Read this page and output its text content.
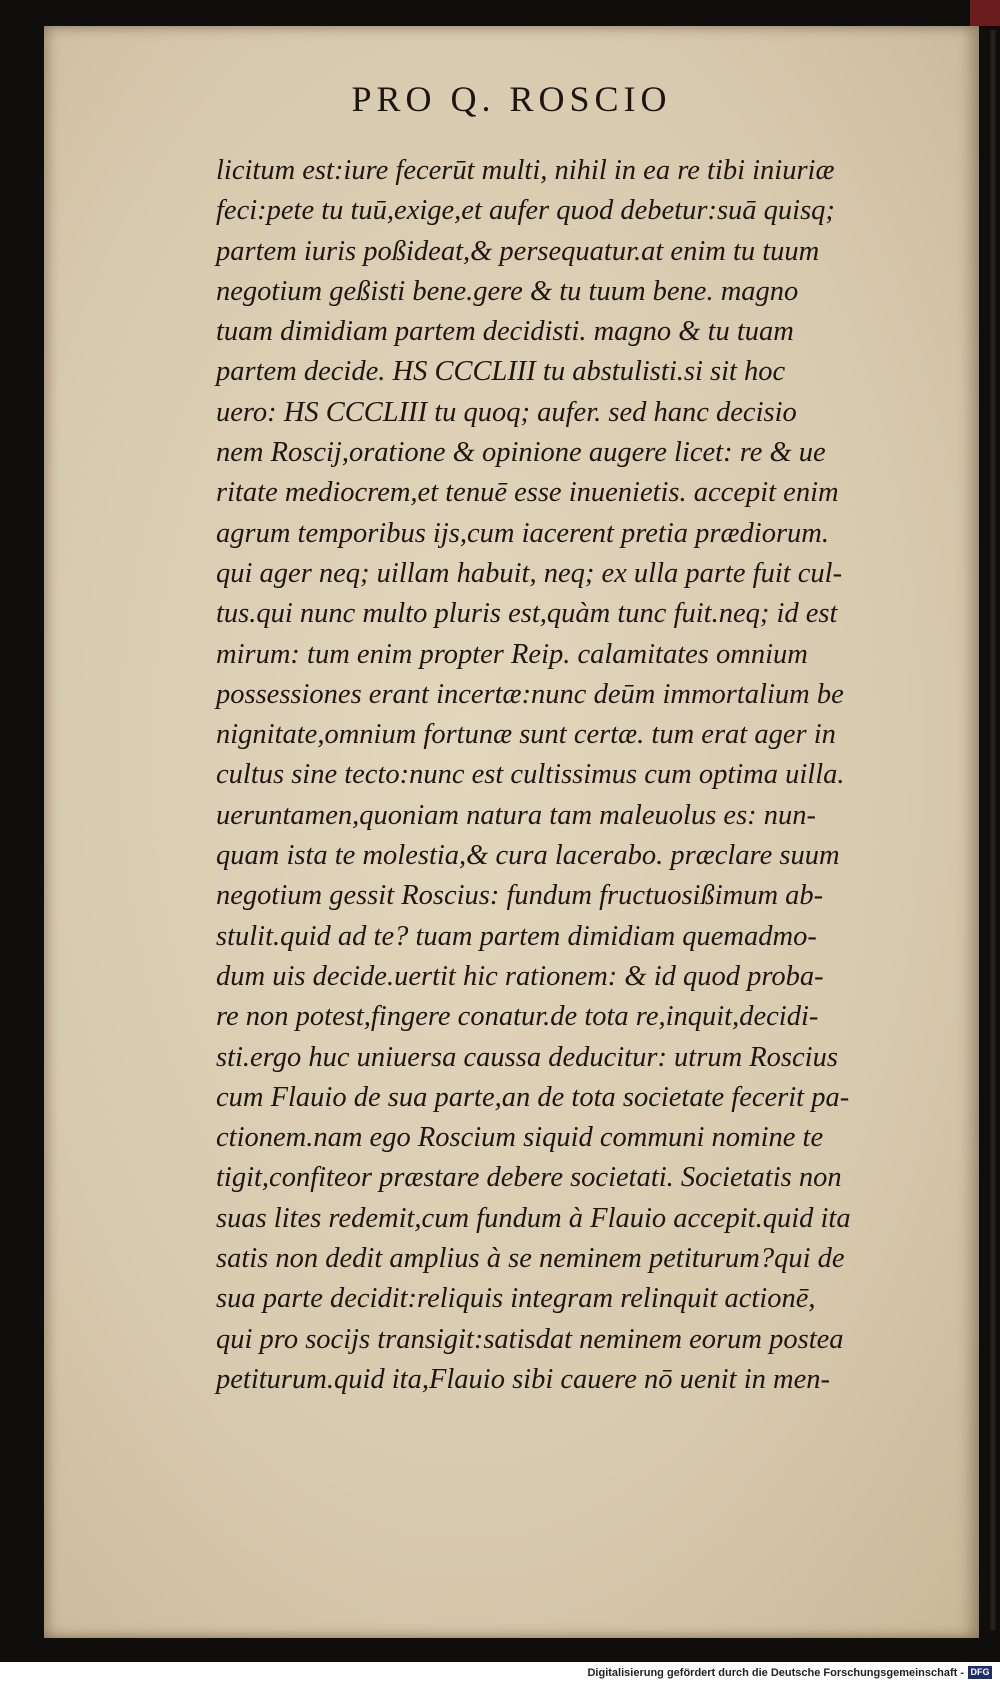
PRO Q. ROSCIO
licitum est:iure fecerūt multi, nihil in ea re tibi iniuriæ
feci:pete tu tuū,exige,et aufer quod debetur:suā quisq;
partem iuris poßideat,& persequatur.at enim tu tuum
negotium geßisti bene.gere & tu tuum bene. magno
tuam dimidiam partem decidisti. magno & tu tuam
partem decide. HS CCCLIII tu abstulisti.si sit hoc
uero: HS CCCLIII tu quoq; aufer. sed hanc decisio
nem Roscij,oratione & opinione augere licet: re & ue
ritate mediocrem,et tenuē esse inuenietis. accepit enim
agrum temporibus ijs,cum iacerent pretia prædiorum.
qui ager neq; uillam habuit, neq; ex ulla parte fuit cul-
tus.qui nunc multo pluris est,quàm tunc fuit.neq; id est
mirum: tum enim propter Reip. calamitates omnium
possessiones erant incertæ:nunc deūm immortalium be
nignitate,omnium fortunæ sunt certæ. tum erat ager in
cultus sine tecto:nunc est cultissimus cum optima uilla.
ueruntamen,quoniam natura tam maleuolus es: nun-
quam ista te molestia,& cura lacerabo. præclare suum
negotium gessit Roscius: fundum fructuosißimum ab-
stulit.quid ad te? tuam partem dimidiam quemadmo-
dum uis decide.uertit hic rationem: & id quod proba-
re non potest,fingere conatur.de tota re,inquit,decidi-
sti.ergo huc uniuersa caussa deducitur: utrum Roscius
cum Flauio de sua parte,an de tota societate fecerit pa-
ctionem.nam ego Roscium siquid communi nomine te
tigit,confiteor præstare debere societati. Societatis non
suas lites redemit,cum fundum à Flauio accepit.quid ita
satis non dedit amplius à se neminem petiturum?qui de
sua parte decidit:reliquis integram relinquit actionē,
qui pro socijs transigit:satisdat neminem eorum postea
petiturum.quid ita,Flauio sibi cauere nō uenit in men-
Digitalisierung gefördert durch die Deutsche Forschungsgemeinschaft - DFG
